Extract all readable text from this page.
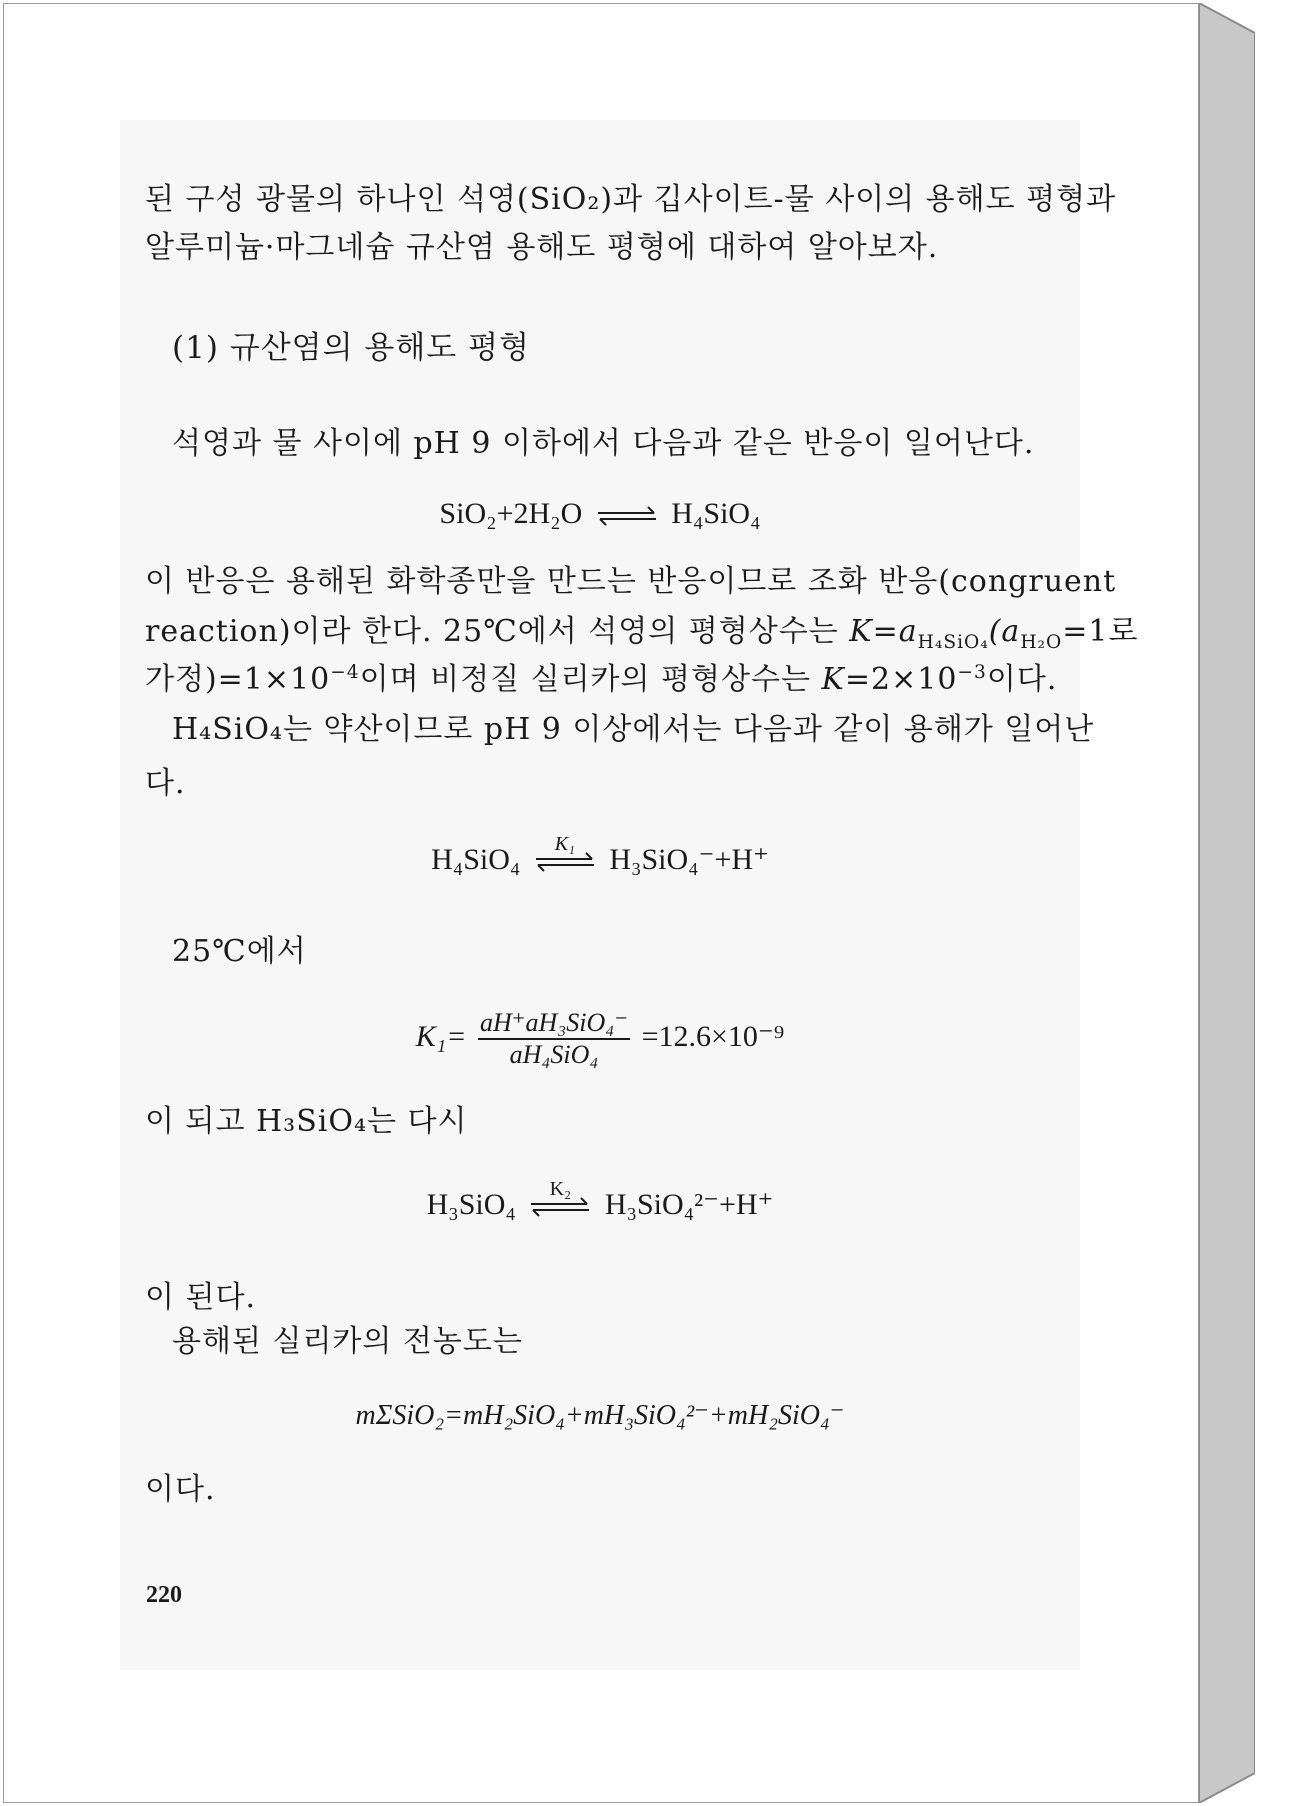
된 구성 광물의 하나인 석영(SiO₂)과 깁사이트-물 사이의 용해도 평형과
알루미늄·마그네슘 규산염 용해도 평형에 대하여 알아보자.
(1) 규산염의 용해도 평형
석영과 물 사이에 pH 9 이하에서 다음과 같은 반응이 일어난다.
SiO₂+2H₂O ⇌ H₄SiO₄
이 반응은 용해된 화학종만을 만드는 반응이므로 조화 반응(congruent
reaction)이라 한다. 25℃에서 석영의 평형상수는 $K=a_{H_4SiO_4}(a_{H_2O}=1$로
가정)$=1\times 10^{-4}$이며 비정질 실리카의 평형상수는 $K=2\times 10^{-3}$이다.
H₄SiO₄는 약산이므로 pH 9 이상에서는 다음과 같이 용해가 일어난
다.
H₄SiO₄	K₁	H₃SiO₄⁻+H⁺
25℃에서
$K_1= \frac{\text{aH⁺aH₃SiO₄⁻}}{\text{aH₄SiO₄}} =12.6\times 10^{-9}$
이 되고 H₃SiO₄는 다시
H₃SiO₄	K₂	H₃SiO₄²⁻+H⁺
이 된다.
용해된 실리카의 전농도는
mΣSiO₂=mH₂SiO₄+mH₃SiO₄²⁻+mH₂SiO₄⁻
이다.
220
